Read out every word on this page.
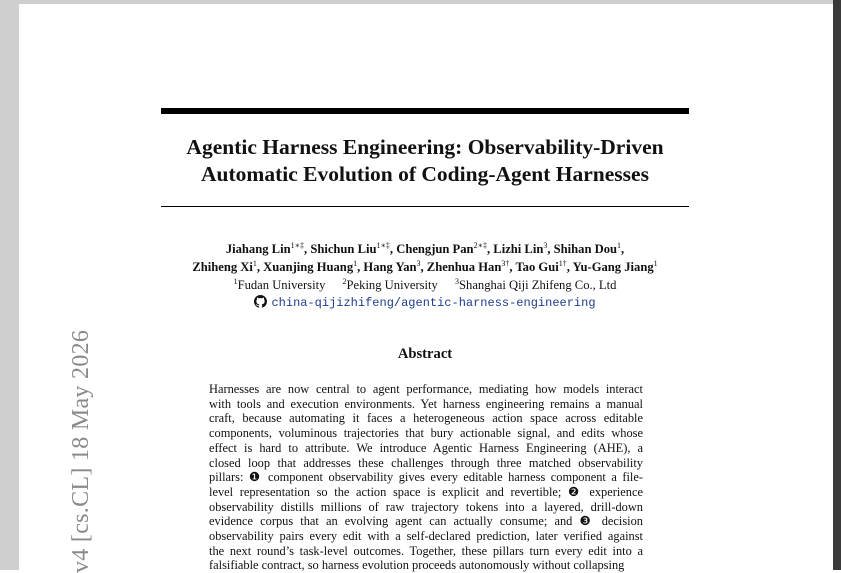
v4 [cs.CL] 18 May 2026
Agentic Harness Engineering: Observability-Driven
Automatic Evolution of Coding-Agent Harnesses

Jiahang Lin$^{1∗\ddagger}$, Shichun Liu$^{1∗\ddagger}$, Chengjun Pan$^{2∗\ddagger}$, Lizhi Lin$^3$, Shihan Dou$^1$,
Zhiheng Xi$^1$, Xuanjing Huang$^1$, Hang Yan$^3$, Zhenhua Han$^{3\dagger}$, Tao Gui$^{1\dagger}$, Yu-Gang Jiang$^1$

$^1$Fudan University $^2$Peking University $^3$Shanghai Qiji Zhifeng Co., Ltd

china-qijizhifeng/agentic-harness-engineering
Abstract
Harnesses are now central to agent performance, mediating how models interact
with tools and execution environments. Yet harness engineering remains a manual
craft, because automating it faces a heterogeneous action space across editable
components, voluminous trajectories that bury actionable signal, and edits whose
effect is hard to attribute. We introduce Agentic Harness Engineering (AHE), a
closed loop that addresses these challenges through three matched observability
pillars: ❶ component observability gives every editable harness component a file-
level representation so the action space is explicit and revertible; ❷ experience
observability distills millions of raw trajectory tokens into a layered, drill-down
evidence corpus that an evolving agent can actually consume; and ❸ decision
observability pairs every edit with a self-declared prediction, later verified against
the next round’s task-level outcomes. Together, these pillars turn every edit into a
falsifiable contract, so harness evolution proceeds autonomously without collapsing
